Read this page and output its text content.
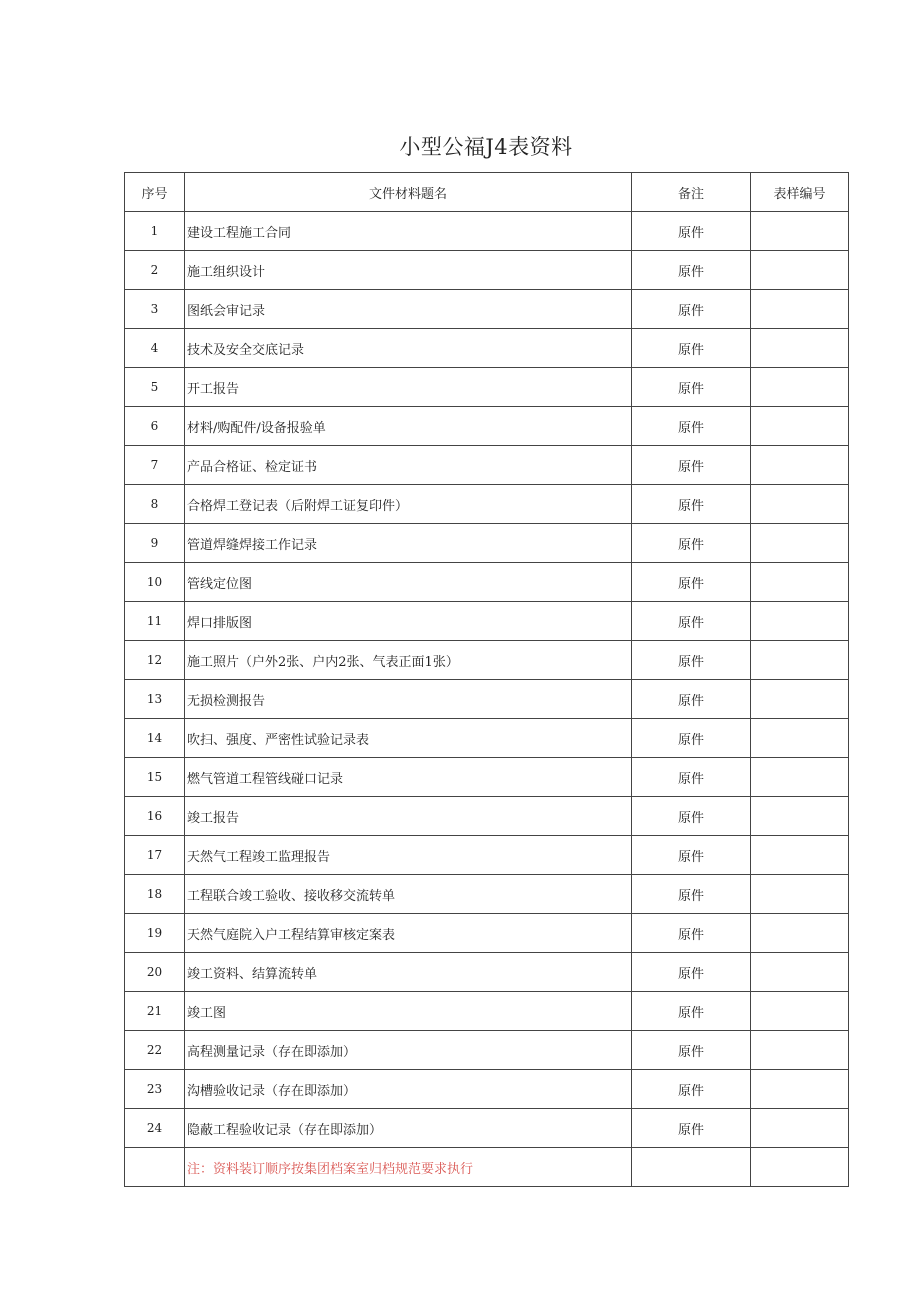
小型公福J4表资料
序号	文件材料题名	备注	表样编号
1	建设工程施工合同	原件	
2	施工组织设计	原件	
3	图纸会审记录	原件	
4	技术及安全交底记录	原件	
5	开工报告	原件	
6	材料/购配件/设备报验单	原件	
7	产品合格证、检定证书	原件	
8	合格焊工登记表（后附焊工证复印件）	原件	
9	管道焊缝焊接工作记录	原件	
10	管线定位图	原件	
11	焊口排版图	原件	
12	施工照片（户外2张、户内2张、气表正面1张）	原件	
13	无损检测报告	原件	
14	吹扫、强度、严密性试验记录表	原件	
15	燃气管道工程管线碰口记录	原件	
16	竣工报告	原件	
17	天然气工程竣工监理报告	原件	
18	工程联合竣工验收、接收移交流转单	原件	
19	天然气庭院入户工程结算审核定案表	原件	
20	竣工资料、结算流转单	原件	
21	竣工图	原件	
22	高程测量记录（存在即添加）	原件	
23	沟槽验收记录（存在即添加）	原件	
24	隐蔽工程验收记录（存在即添加）	原件	
	注：资料装订顺序按集团档案室归档规范要求执行		
